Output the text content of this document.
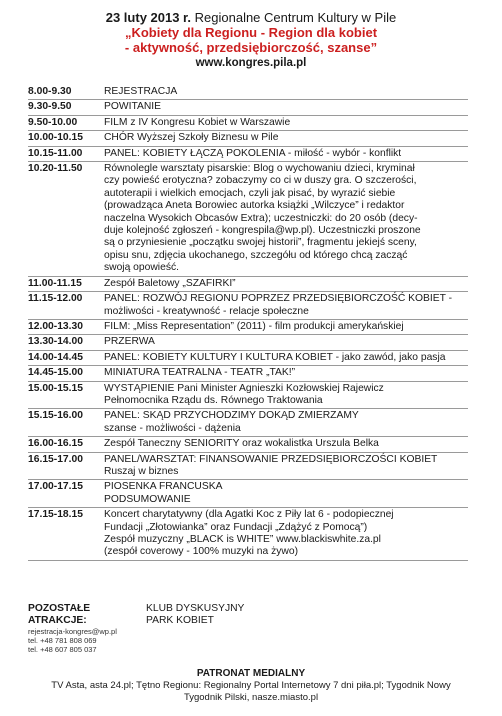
23 luty 2013 r. Regionalne Centrum Kultury w Pile
„Kobiety dla Regionu - Region dla kobiet
- aktywność, przedsiębiorczość, szanse”
www.kongres.pila.pl
8.00-9.30	REJESTRACJA
9.30-9.50	POWITANIE
9.50-10.00	FILM z IV Kongresu Kobiet w Warszawie
10.00-10.15	CHÓR Wyższej Szkoły Biznesu w Pile
10.15-11.00	PANEL: KOBIETY ŁĄCZĄ POKOLENIA - miłość - wybór - konflikt
10.20-11.50	Równolegle warsztaty pisarskie: Blog o wychowaniu dzieci, kryminał
czy powieść erotyczna? zobaczymy co ci w duszy gra. O szczerości,
autoterapii i wielkich emocjach, czyli jak pisać, by wyrazić siebie
(prowadząca Aneta Borowiec autorka książki „Wilczyce” i redaktor
naczelna Wysokich Obcasów Extra); uczestniczki: do 20 osób (decy-
duje kolejność zgłoszeń - kongrespila@wp.pl). Uczestniczki proszone
są o przyniesienie „początku swojej historii”, fragmentu jekiejś sceny,
opisu snu, zdjęcia ukochanego, szczegółu od którego chcą zacząć
swoją opowieść.
11.00-11.15	Zespół Baletowy „SZAFIRKI”
11.15-12.00	PANEL: ROZWÓJ REGIONU POPRZEZ PRZEDSIĘBIORCZOŚĆ KOBIET -
możliwości - kreatywność - relacje społeczne
12.00-13.30	FILM: „Miss Representation” (2011) - film produkcji amerykańskiej
13.30-14.00	PRZERWA
14.00-14.45	PANEL: KOBIETY KULTURY I KULTURA KOBIET - jako zawód, jako pasja
14.45-15.00	MINIATURA TEATRALNA - TEATR „TAK!”
15.00-15.15	WYSTĄPIENIE Pani Minister Agnieszki Kozłowskiej Rajewicz
Pełnomocnika Rządu ds. Równego Traktowania
15.15-16.00	PANEL: SKĄD PRZYCHODZIMY DOKĄD ZMIERZAMY
szanse - możliwości - dążenia
16.00-16.15	Zespół Taneczny SENIORITY oraz wokalistka Urszula Belka
16.15-17.00	PANEL/WARSZTAT: FINANSOWANIE PRZEDSIĘBIORCZOŚCI KOBIET
Ruszaj w biznes
17.00-17.15	PIOSENKA FRANCUSKA
PODSUMOWANIE
17.15-18.15	Koncert charytatywny (dla Agatki Koc z Piły lat 6 - podopiecznej
Fundacji „Złotowianka” oraz Fundacji „Zdążyć z Pomocą”)
Zespół muzyczny „BLACK is WHITE” www.blackiswhite.za.pl
(zespół coverowy - 100% muzyki na żywo)
POZOSTAŁE ATRAKCJE:
KLUB DYSKUSYJNY
PARK KOBIET
rejestracja-kongres@wp.pl
tel. +48 781 808 069
tel. +48 607 805 037
PATRONAT MEDIALNY
TV Asta, asta 24.pl; Tętno Regionu: Regionalny Portal Internetowy 7 dni piła.pl; Tygodnik Nowy
Tygodnik Pilski, nasze.miasto.pl
